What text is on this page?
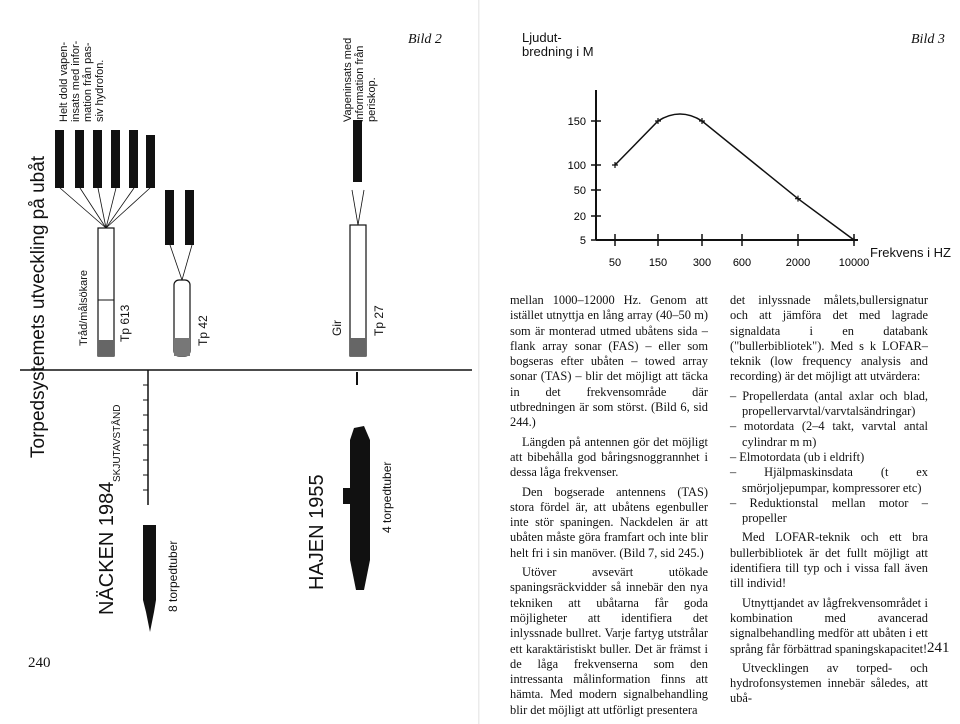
Bild 2
Torpedsystemets utveckling på ubåt
NÄCKEN 1984	8 torpedtuber
SKJUTAVSTÅND
Tråd/målsökare Tp 613	Tp 42	Gir Tp 27
HAJEN 1955	4 torpedtuber
Helt dold vapen-
insats med infor-
mation från pas-
siv hydrofon.	Vapeninsats med
information från
periskop.
240
Bild 3
Ljudut-
bredning i M
5
20
50
100
150
50	150 300 600	2000	10000
Frekvens i HZ

mellan 1000–12000 Hz. Genom att istället utnyttja en lång array (40–50 m) som är monterad utmed ubåtens sida – flank array sonar (FAS) – eller som bogseras efter ubåten – towed array sonar (TAS) – blir det möjligt att täcka in det frekvensområde där utbredningen är som störst. (Bild 6, sid 244.)

Längden på antennen gör det möjligt att bibehålla god båringsnoggrannhet i dessa låga frekvenser.

Den bogserade antennens (TAS) stora fördel är, att ubåtens egenbuller inte stör spaningen. Nackdelen är att ubåten måste göra framfart och inte blir helt fri i sin manöver. (Bild 7, sid 245.)

Utöver avsevärt utökade spaningsräckvidder så innebär den nya tekniken att ubåtarna får goda möjligheter att identifiera det inlyssnade bullret. Varje fartyg utstrålar ett karaktäristiskt buller. Det är främst i de låga frekvenserna som den intressanta målinformation finns att hämta. Med modern signalbehandling blir det möjligt att utförligt presentera

det inlyssnade målets,bullersignatur och att jämföra det med lagrade signaldata i en databank ("bullerbibliotek"). Med s k LOFAR–teknik (low frequency analysis and recording) är det möjligt att utvärdera:

– Propellerdata (antal axlar och blad, propellervarvtal/varvtalsändringar)
– motordata (2–4 takt, varvtal antal cylindrar m m)
– Elmotordata (ub i eldrift)
– Hjälpmaskinsdata (t ex smörjoljepumpar, kompressorer etc)
– Reduktionstal mellan motor – propeller

Med LOFAR-teknik och ett bra bullerbibliotek är det fullt möjligt att identifiera till typ och i vissa fall även till individ!

Utnyttjandet av lågfrekvensområdet i kombination med avancerad signalbehandling medför att ubåten i ett språng får förbättrad spaningskapacitet!

Utvecklingen av torped- och hydrofonsystemen innebär således, att ubå-

241
